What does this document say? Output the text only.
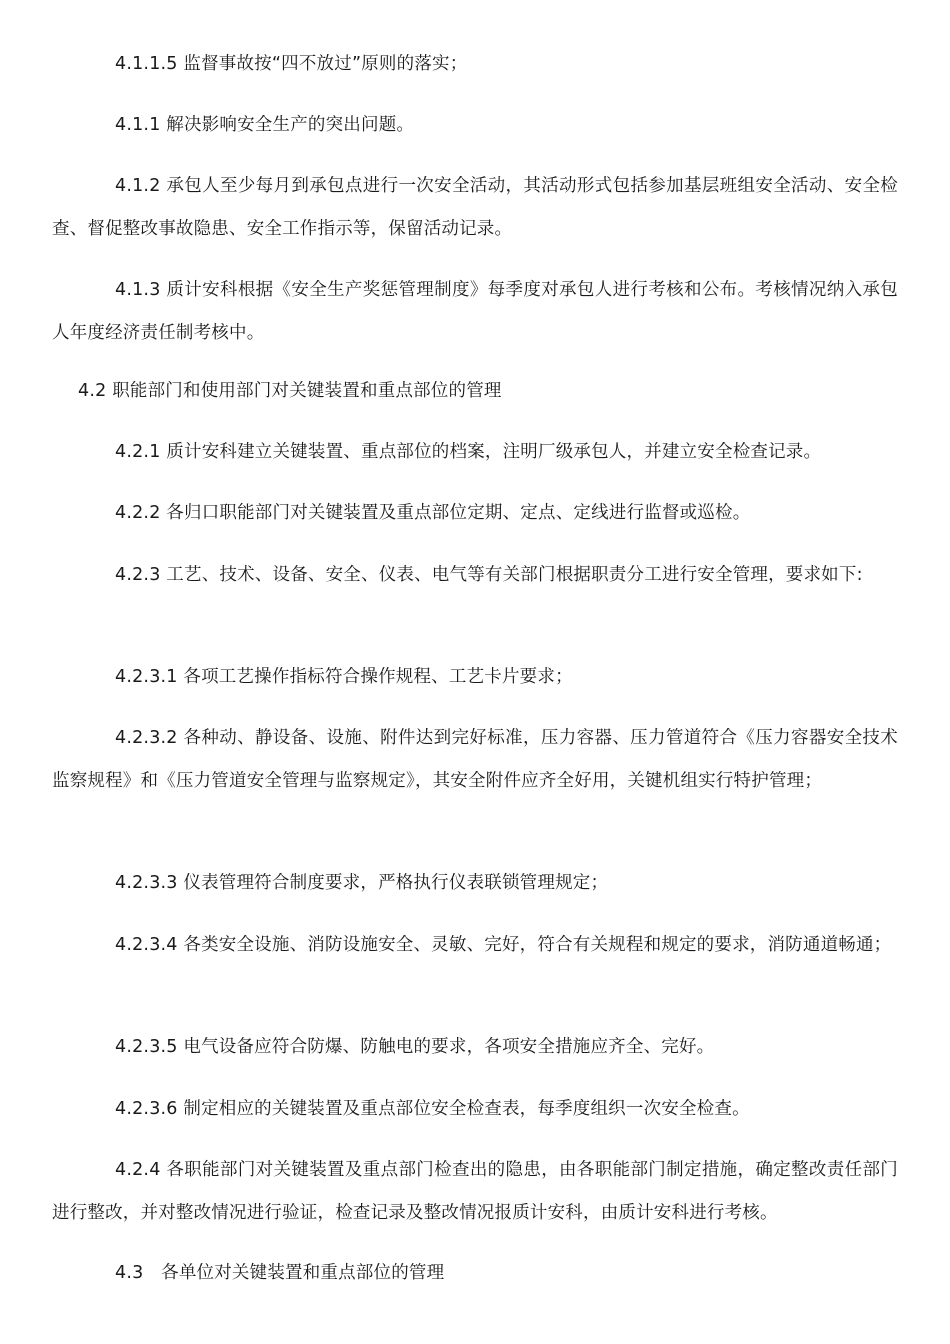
4.1.1.5 监督事故按“四不放过”原则的落实；

4.1.1 解决影响安全生产的突出问题。

4.1.2 承包人至少每月到承包点进行一次安全活动，其活动形式包括参加基层班组安全活动、安全检查、督促整改事故隐患、安全工作指示等，保留活动记录。

4.1.3 质计安科根据《安全生产奖惩管理制度》每季度对承包人进行考核和公布。考核情况纳入承包人年度经济责任制考核中。

4.2 职能部门和使用部门对关键装置和重点部位的管理

4.2.1 质计安科建立关键装置、重点部位的档案，注明厂级承包人，并建立安全检查记录。

4.2.2 各归口职能部门对关键装置及重点部位定期、定点、定线进行监督或巡检。

4.2.3 工艺、技术、设备、安全、仪表、电气等有关部门根据职责分工进行安全管理，要求如下:

4.2.3.1 各项工艺操作指标符合操作规程、工艺卡片要求；

4.2.3.2 各种动、静设备、设施、附件达到完好标准，压力容器、压力管道符合《压力容器安全技术监察规程》和《压力管道安全管理与监察规定》，其安全附件应齐全好用，关键机组实行特护管理；

4.2.3.3 仪表管理符合制度要求，严格执行仪表联锁管理规定；

4.2.3.4 各类安全设施、消防设施安全、灵敏、完好，符合有关规程和规定的要求，消防通道畅通；

4.2.3.5 电气设备应符合防爆、防触电的要求，各项安全措施应齐全、完好。

4.2.3.6 制定相应的关键装置及重点部位安全检查表，每季度组织一次安全检查。

4.2.4 各职能部门对关键装置及重点部门检查出的隐患，由各职能部门制定措施，确定整改责任部门进行整改，并对整改情况进行验证，检查记录及整改情况报质计安科，由质计安科进行考核。

4.3　各单位对关键装置和重点部位的管理
